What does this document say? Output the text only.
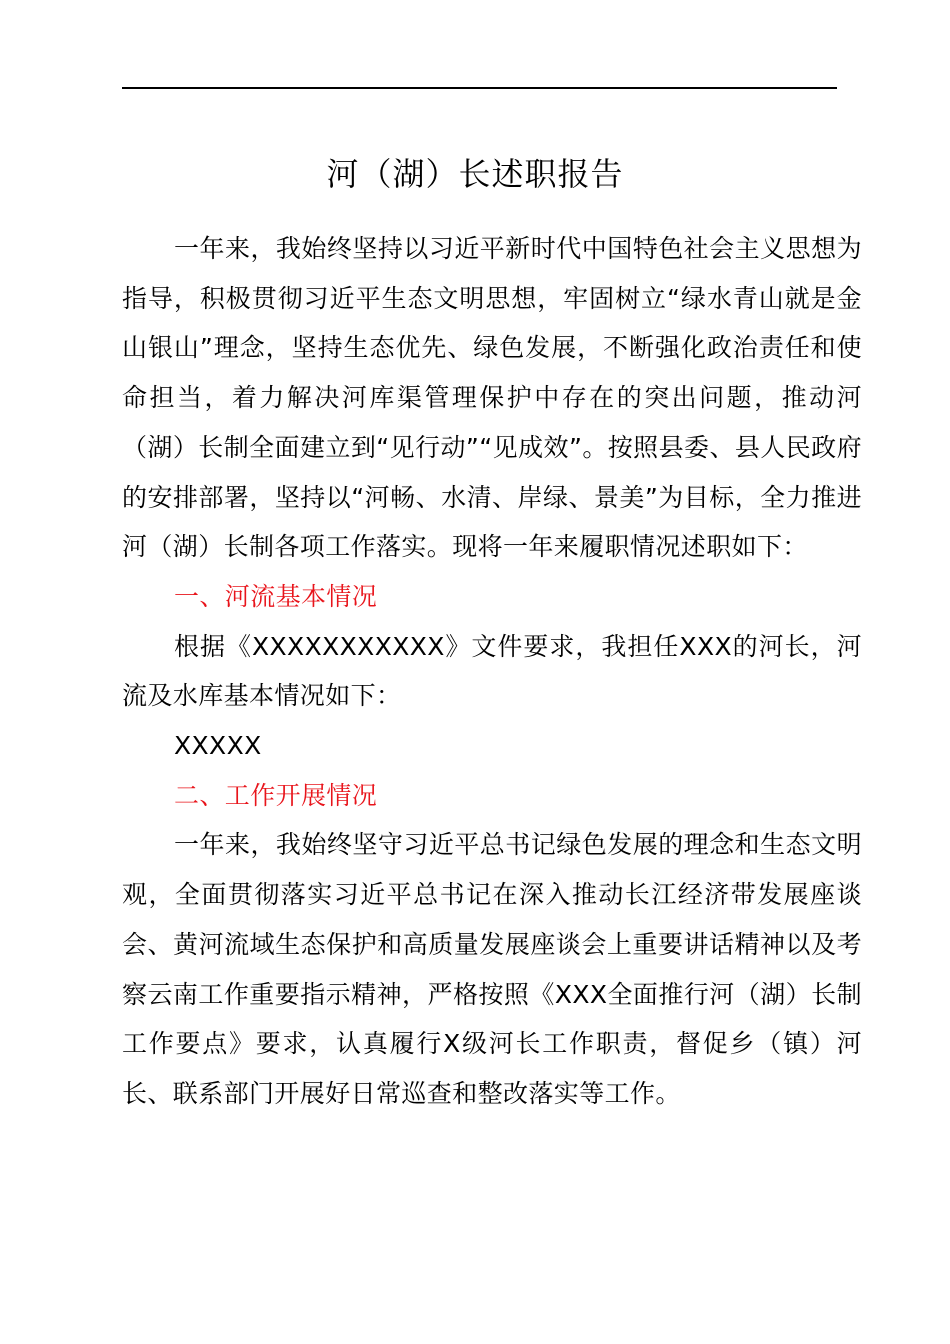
河（湖）长述职报告

一年来，我始终坚持以习近平新时代中国特色社会主义思想为指导，积极贯彻习近平生态文明思想，牢固树立“绿水青山就是金山银山”理念，坚持生态优先、绿色发展，不断强化政治责任和使命担当，着力解决河库渠管理保护中存在的突出问题，推动河（湖）长制全面建立到“见行动”“见成效”。按照县委、县人民政府的安排部署，坚持以“河畅、水清、岸绿、景美”为目标，全力推进河（湖）长制各项工作落实。现将一年来履职情况述职如下：

一、河流基本情况

根据《XXXXXXXXXXX》文件要求，我担任XXX的河长，河流及水库基本情况如下：

XXXXX

二、工作开展情况

一年来，我始终坚守习近平总书记绿色发展的理念和生态文明观，全面贯彻落实习近平总书记在深入推动长江经济带发展座谈会、黄河流域生态保护和高质量发展座谈会上重要讲话精神以及考察云南工作重要指示精神，严格按照《XXX全面推行河（湖）长制工作要点》要求，认真履行X级河长工作职责，督促乡（镇）河长、联系部门开展好日常巡查和整改落实等工作。
